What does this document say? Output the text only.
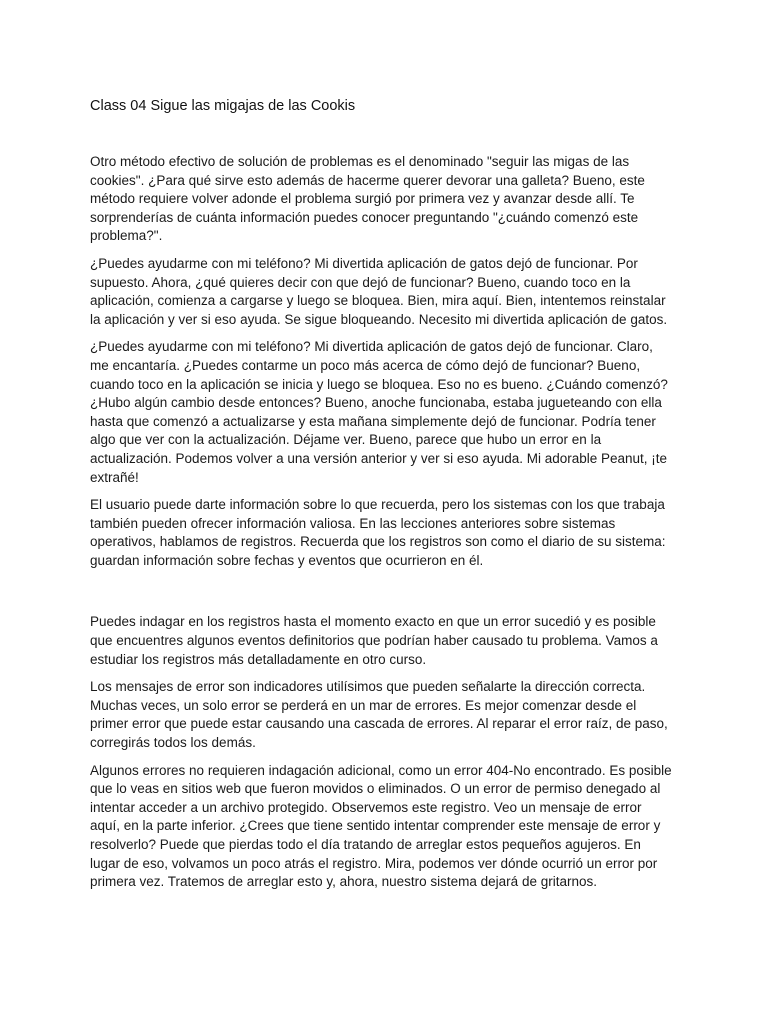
Class 04 Sigue las migajas de las Cookis

Otro método efectivo de solución de problemas es el denominado "seguir las migas de las cookies". ¿Para qué sirve esto además de hacerme querer devorar una galleta? Bueno, este método requiere volver adonde el problema surgió por primera vez y avanzar desde allí. Te sorprenderías de cuánta información puedes conocer preguntando "¿cuándo comenzó este problema?".

¿Puedes ayudarme con mi teléfono? Mi divertida aplicación de gatos dejó de funcionar. Por supuesto. Ahora, ¿qué quieres decir con que dejó de funcionar? Bueno, cuando toco en la aplicación, comienza a cargarse y luego se bloquea. Bien, mira aquí. Bien, intentemos reinstalar la aplicación y ver si eso ayuda. Se sigue bloqueando. Necesito mi divertida aplicación de gatos.

¿Puedes ayudarme con mi teléfono? Mi divertida aplicación de gatos dejó de funcionar. Claro, me encantaría. ¿Puedes contarme un poco más acerca de cómo dejó de funcionar? Bueno, cuando toco en la aplicación se inicia y luego se bloquea. Eso no es bueno. ¿Cuándo comenzó? ¿Hubo algún cambio desde entonces? Bueno, anoche funcionaba, estaba jugueteando con ella hasta que comenzó a actualizarse y esta mañana simplemente dejó de funcionar. Podría tener algo que ver con la actualización. Déjame ver. Bueno, parece que hubo un error en la actualización. Podemos volver a una versión anterior y ver si eso ayuda. Mi adorable Peanut, ¡te extrañé!

El usuario puede darte información sobre lo que recuerda, pero los sistemas con los que trabaja también pueden ofrecer información valiosa. En las lecciones anteriores sobre sistemas operativos, hablamos de registros. Recuerda que los registros son como el diario de su sistema: guardan información sobre fechas y eventos que ocurrieron en él.

Puedes indagar en los registros hasta el momento exacto en que un error sucedió y es posible que encuentres algunos eventos definitorios que podrían haber causado tu problema. Vamos a estudiar los registros más detalladamente en otro curso.

Los mensajes de error son indicadores utilísimos que pueden señalarte la dirección correcta. Muchas veces, un solo error se perderá en un mar de errores. Es mejor comenzar desde el primer error que puede estar causando una cascada de errores. Al reparar el error raíz, de paso, corregirás todos los demás.

Algunos errores no requieren indagación adicional, como un error 404-No encontrado. Es posible que lo veas en sitios web que fueron movidos o eliminados. O un error de permiso denegado al intentar acceder a un archivo protegido. Observemos este registro. Veo un mensaje de error aquí, en la parte inferior. ¿Crees que tiene sentido intentar comprender este mensaje de error y resolverlo? Puede que pierdas todo el día tratando de arreglar estos pequeños agujeros. En lugar de eso, volvamos un poco atrás el registro. Mira, podemos ver dónde ocurrió un error por primera vez. Tratemos de arreglar esto y, ahora, nuestro sistema dejará de gritarnos.
